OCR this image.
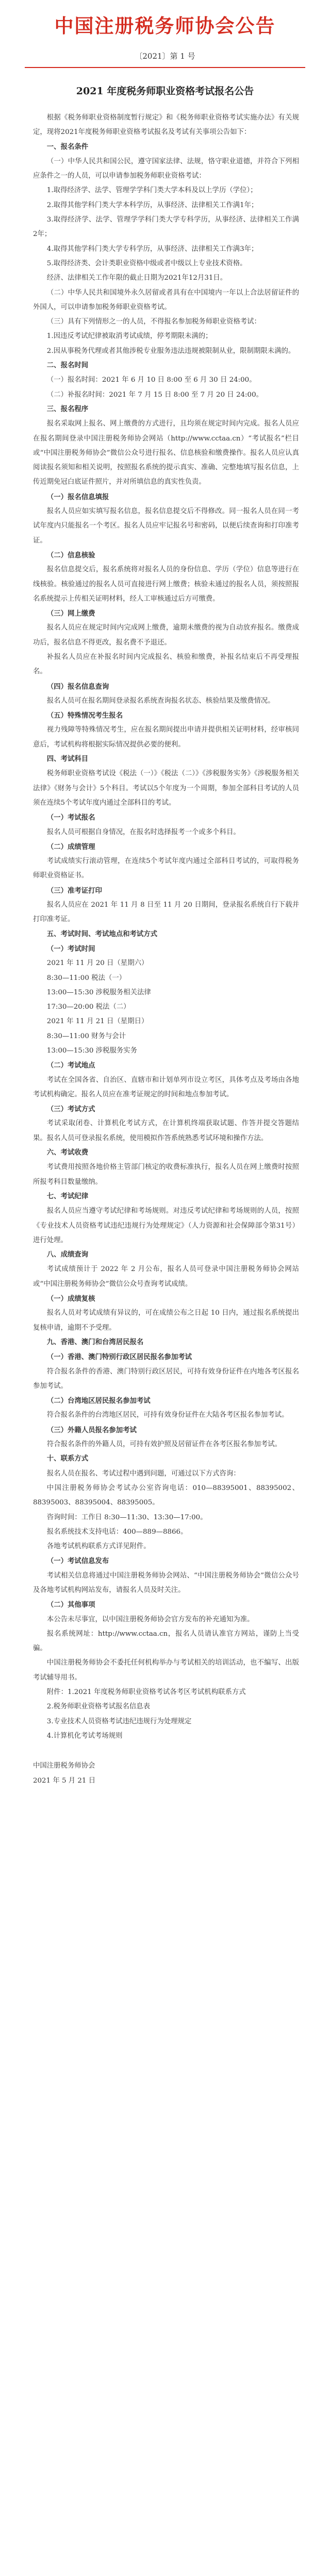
中国注册税务师协会公告
〔2021〕第 1 号
2021 年度税务师职业资格考试报名公告

根据《税务师职业资格制度暂行规定》和《税务师职业资格考试实施办法》有关规定，现将2021年度税务师职业资格考试报名及考试有关事项公告如下：

一、报名条件

（一）中华人民共和国公民，遵守国家法律、法规，恪守职业道德，并符合下列相应条件之一的人员，可以申请参加税务师职业资格考试：

1.取得经济学、法学、管理学学科门类大学本科及以上学历（学位）；

2.取得其他学科门类大学本科学历，从事经济、法律相关工作满1年；

3.取得经济学、法学、管理学学科门类大学专科学历，从事经济、法律相关工作满2年；

4.取得其他学科门类大学专科学历，从事经济、法律相关工作满3年；

5.取得经济类、会计类职业资格中级或者中级以上专业技术资格。

经济、法律相关工作年限的截止日期为2021年12月31日。

（二）中华人民共和国境外永久居留或者具有在中国境内一年以上合法居留证件的外国人，可以申请参加税务师职业资格考试。

（三）具有下列情形之一的人员，不得报名参加税务师职业资格考试：

1.因违反考试纪律被取消考试成绩，停考期限未满的；

2.因从事税务代理或者其他涉税专业服务违法违规被限制从业，限制期限未满的。

二、报名时间

（一）报名时间：2021 年 6 月 10 日 8:00 至 6 月 30 日 24:00。

（二）补报名时间：2021 年 7 月 15 日 8:00 至 7 月 20 日 24:00。

三、报名程序

报名采取网上报名、网上缴费的方式进行，且均须在规定时间内完成。报名人员应在报名期间登录中国注册税务师协会网站（http://www.cctaa.cn）“考试报名”栏目或“中国注册税务师协会”微信公众号进行报名、信息核验和缴费操作。报名人员应认真阅读报名须知和相关说明，按照报名系统的提示真实、准确、完整地填写报名信息，上传近期免冠白底证件照片，并对所填信息的真实性负责。

（一）报名信息填报

报名人员应如实填写报名信息，报名信息提交后不得修改。同一报名人员在同一考试年度内只能报名一个考区。报名人员应牢记报名号和密码，以便后续查询和打印准考证。

（二）信息核验

报名信息提交后，报名系统将对报名人员的身份信息、学历（学位）信息等进行在线核验。核验通过的报名人员可直接进行网上缴费；核验未通过的报名人员，须按照报名系统提示上传相关证明材料，经人工审核通过后方可缴费。

（三）网上缴费

报名人员应在规定时间内完成网上缴费，逾期未缴费的视为自动放弃报名。缴费成功后，报名信息不得更改，报名费不予退还。

补报名人员应在补报名时间内完成报名、核验和缴费，补报名结束后不再受理报名。

（四）报名信息查询

报名人员可在报名期间登录报名系统查询报名状态、核验结果及缴费情况。

（五）特殊情况考生报名

视力残障等特殊情况考生，应在报名期间提出申请并提供相关证明材料，经审核同意后，考试机构将根据实际情况提供必要的便利。

四、考试科目

税务师职业资格考试设《税法（一）》《税法（二）》《涉税服务实务》《涉税服务相关法律》《财务与会计》5个科目。考试以5个年度为一个周期，参加全部科目考试的人员须在连续5个考试年度内通过全部科目的考试。

（一）考试报名

报名人员可根据自身情况，在报名时选择报考一个或多个科目。

（二）成绩管理

考试成绩实行滚动管理，在连续5个考试年度内通过全部科目考试的，可取得税务师职业资格证书。

（三）准考证打印

报名人员应在 2021 年 11 月 8 日至 11 月 20 日期间，登录报名系统自行下载并打印准考证。

五、考试时间、考试地点和考试方式

（一）考试时间

2021 年 11 月 20 日（星期六）

8:30—11:00 税法（一）

13:00—15:30 涉税服务相关法律

17:30—20:00 税法（二）

2021 年 11 月 21 日（星期日）

8:30—11:00 财务与会计

13:00—15:30 涉税服务实务

（二）考试地点

考试在全国各省、自治区、直辖市和计划单列市设立考区，具体考点及考场由各地考试机构确定。报名人员应在准考证规定的时间和地点参加考试。

（三）考试方式

考试采取闭卷、计算机化考试方式，在计算机终端获取试题、作答并提交答题结果。报名人员可登录报名系统，使用模拟作答系统熟悉考试环境和操作方法。

六、考试收费

考试费用按照各地价格主管部门核定的收费标准执行，报名人员在网上缴费时按照所报考科目数量缴纳。

七、考试纪律

报名人员应当遵守考试纪律和考场规则。对违反考试纪律和考场规则的人员，按照《专业技术人员资格考试违纪违规行为处理规定》（人力资源和社会保障部令第31号）进行处理。

八、成绩查询

考试成绩预计于 2022 年 2 月公布，报名人员可登录中国注册税务师协会网站或“中国注册税务师协会”微信公众号查询考试成绩。

（一）成绩复核

报名人员对考试成绩有异议的，可在成绩公布之日起 10 日内，通过报名系统提出复核申请，逾期不予受理。

九、香港、澳门和台湾居民报名

（一）香港、澳门特别行政区居民报名参加考试

符合报名条件的香港、澳门特别行政区居民，可持有效身份证件在内地各考区报名参加考试。

（二）台湾地区居民报名参加考试

符合报名条件的台湾地区居民，可持有效身份证件在大陆各考区报名参加考试。

（三）外籍人员报名参加考试

符合报名条件的外籍人员，可持有效护照及居留证件在各考区报名参加考试。

十、联系方式

报名人员在报名、考试过程中遇到问题，可通过以下方式咨询：

中国注册税务师协会考试办公室咨询电话：010—88395001、88395002、88395003、88395004、88395005。

咨询时间：工作日 8:30—11:30、13:30—17:00。

报名系统技术支持电话：400—889—8866。

各地考试机构联系方式详见附件。

（一）考试信息发布

考试相关信息将通过中国注册税务师协会网站、“中国注册税务师协会”微信公众号及各地考试机构网站发布，请报名人员及时关注。

（二）其他事项

本公告未尽事宜，以中国注册税务师协会官方发布的补充通知为准。

报名系统网址：http://www.cctaa.cn，报名人员请认准官方网站，谨防上当受骗。

中国注册税务师协会不委托任何机构举办与考试相关的培训活动，也不编写、出版考试辅导用书。

附件：1.2021 年度税务师职业资格考试各考区考试机构联系方式

2.税务师职业资格考试报名信息表

3.专业技术人员资格考试违纪违规行为处理规定

4.计算机化考试考场规则

中国注册税务师协会

2021 年 5 月 21 日
